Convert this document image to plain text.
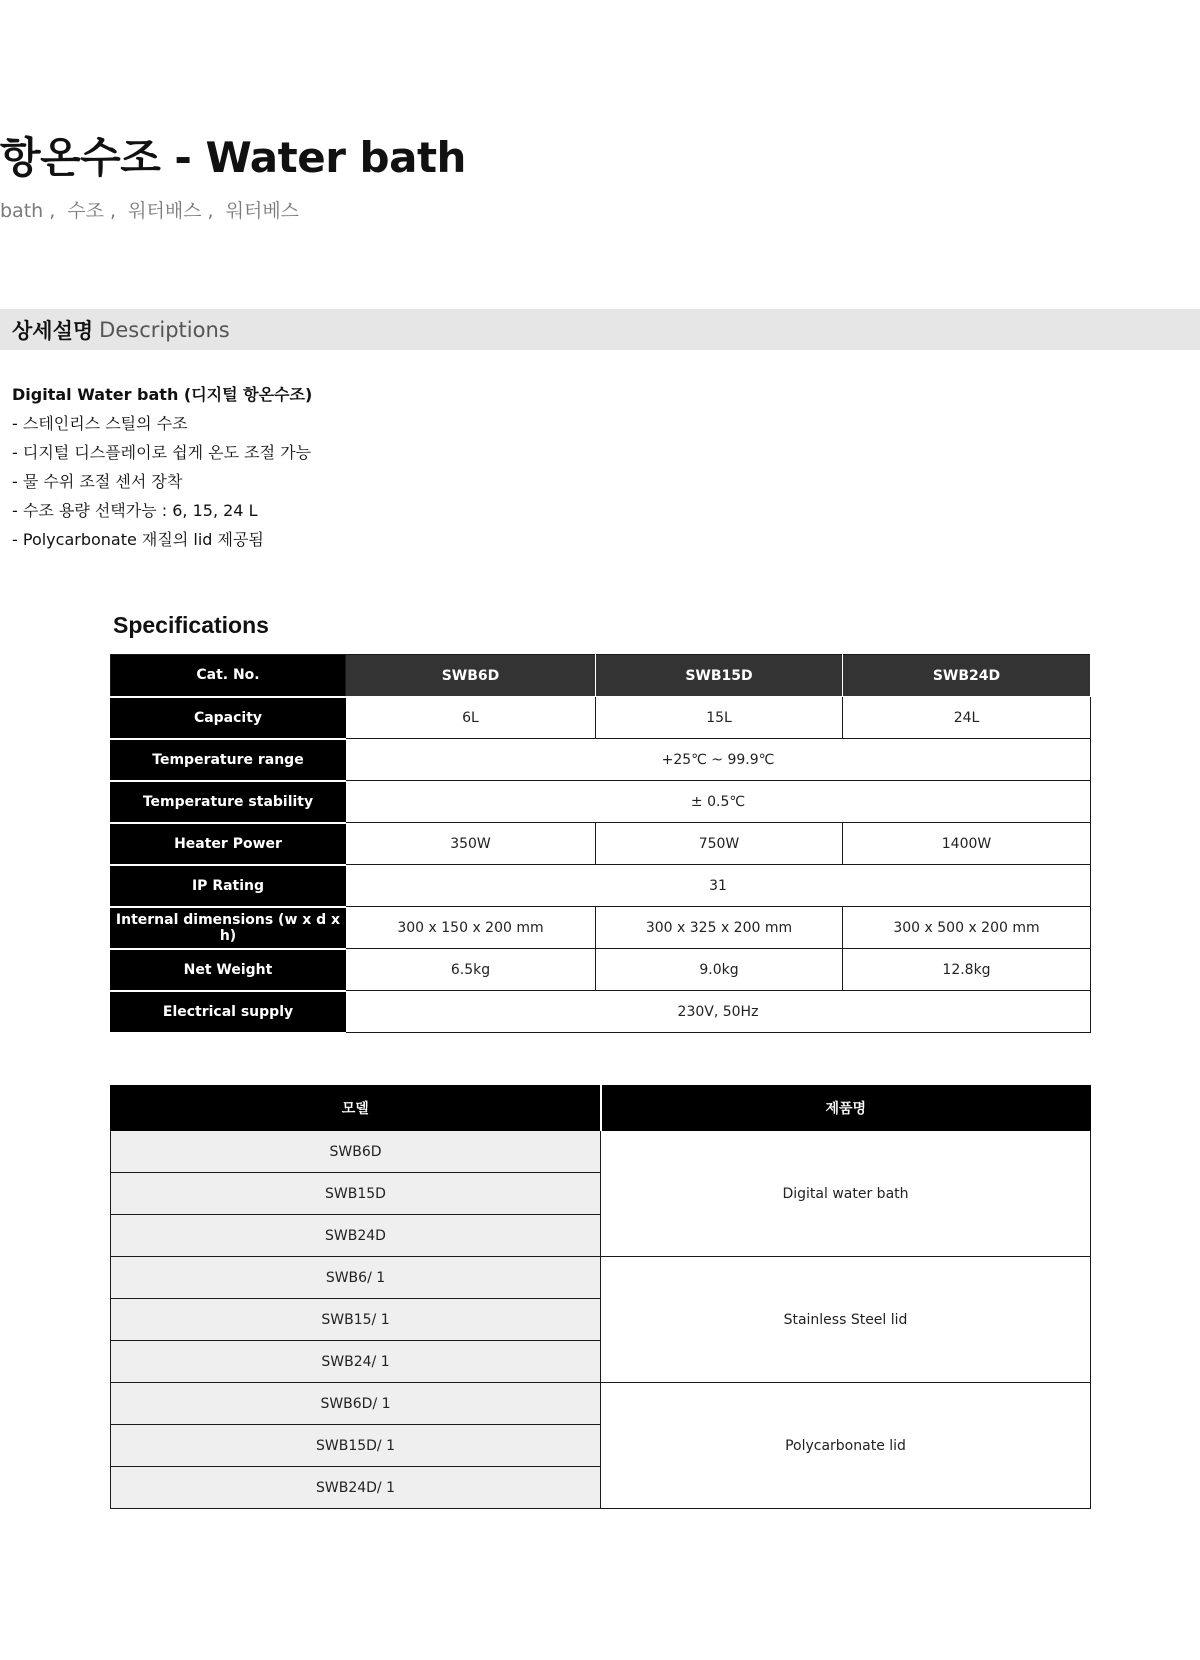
항온수조 - Water bath
bath , 수조 , 워터배스 , 워터베스
상세설명 Descriptions
Digital Water bath (디지털 항온수조)
- 스테인리스 스틸의 수조
- 디지털 디스플레이로 쉽게 온도 조절 가능
- 물 수위 조절 센서 장착
- 수조 용량 선택가능 : 6, 15, 24 L
- Polycarbonate 재질의 lid 제공됨
Specifications
Cat. No.	SWB6D	SWB15D	SWB24D
Capacity	6L	15L	24L
Temperature range	+25℃ ~ 99.9℃		
Temperature stability	± 0.5℃		
Heater Power	350W	750W	1400W
IP Rating	31		
Internal dimensions (w x d x h)	300 x 150 x 200 mm	300 x 325 x 200 mm	300 x 500 x 200 mm
Net Weight	6.5kg	9.0kg	12.8kg
Electrical supply	230V, 50Hz		
모델	제품명
SWB6D	Digital water bath
SWB15D	
SWB24D	
SWB6/ 1	Stainless Steel lid
SWB15/ 1	
SWB24/ 1	
SWB6D/ 1	Polycarbonate lid
SWB15D/ 1	
SWB24D/ 1	
